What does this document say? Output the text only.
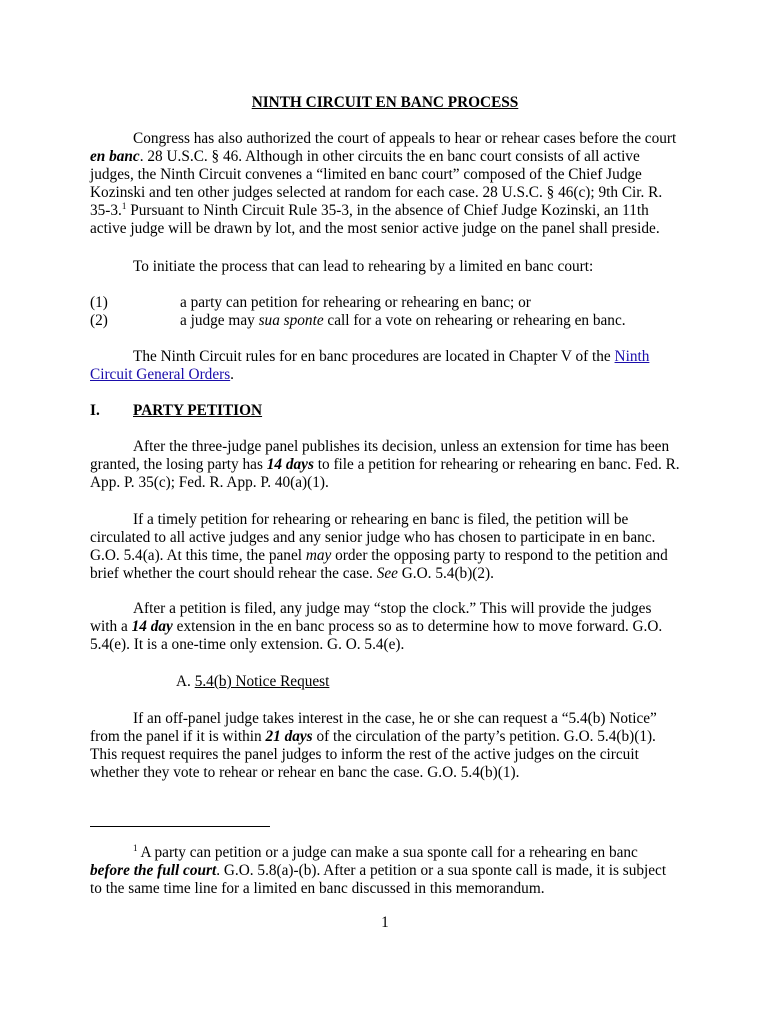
NINTH CIRCUIT EN BANC PROCESS

Congress has also authorized the court of appeals to hear or rehear cases before the court en banc. 28 U.S.C. § 46. Although in other circuits the en banc court consists of all active judges, the Ninth Circuit convenes a “limited en banc court” composed of the Chief Judge Kozinski and ten other judges selected at random for each case. 28 U.S.C. § 46(c); 9th Cir. R. 35-3.$^1$ Pursuant to Ninth Circuit Rule 35-3, in the absence of Chief Judge Kozinski, an 11th active judge will be drawn by lot, and the most senior active judge on the panel shall preside.

To initiate the process that can lead to rehearing by a limited en banc court:

(1)	a party can petition for rehearing or rehearing en banc; or
(2)	a judge may sua sponte call for a vote on rehearing or rehearing en banc.

The Ninth Circuit rules for en banc procedures are located in Chapter V of the Ninth Circuit General Orders.

I. PARTY PETITION

After the three-judge panel publishes its decision, unless an extension for time has been granted, the losing party has 14 days to file a petition for rehearing or rehearing en banc. Fed. R. App. P. 35(c); Fed. R. App. P. 40(a)(1).

If a timely petition for rehearing or rehearing en banc is filed, the petition will be circulated to all active judges and any senior judge who has chosen to participate in en banc. G.O. 5.4(a). At this time, the panel may order the opposing party to respond to the petition and brief whether the court should rehear the case. See G.O. 5.4(b)(2).

After a petition is filed, any judge may “stop the clock.” This will provide the judges with a 14 day extension in the en banc process so as to determine how to move forward. G.O. 5.4(e). It is a one-time only extension. G. O. 5.4(e).

A. 5.4(b) Notice Request

If an off-panel judge takes interest in the case, he or she can request a “5.4(b) Notice” from the panel if it is within 21 days of the circulation of the party’s petition. G.O. 5.4(b)(1). This request requires the panel judges to inform the rest of the active judges on the circuit whether they vote to rehear or rehear en banc the case. G.O. 5.4(b)(1).

$^1$ A party can petition or a judge can make a sua sponte call for a rehearing en banc before the full court. G.O. 5.8(a)-(b). After a petition or a sua sponte call is made, it is subject to the same time line for a limited en banc discussed in this memorandum.

1
